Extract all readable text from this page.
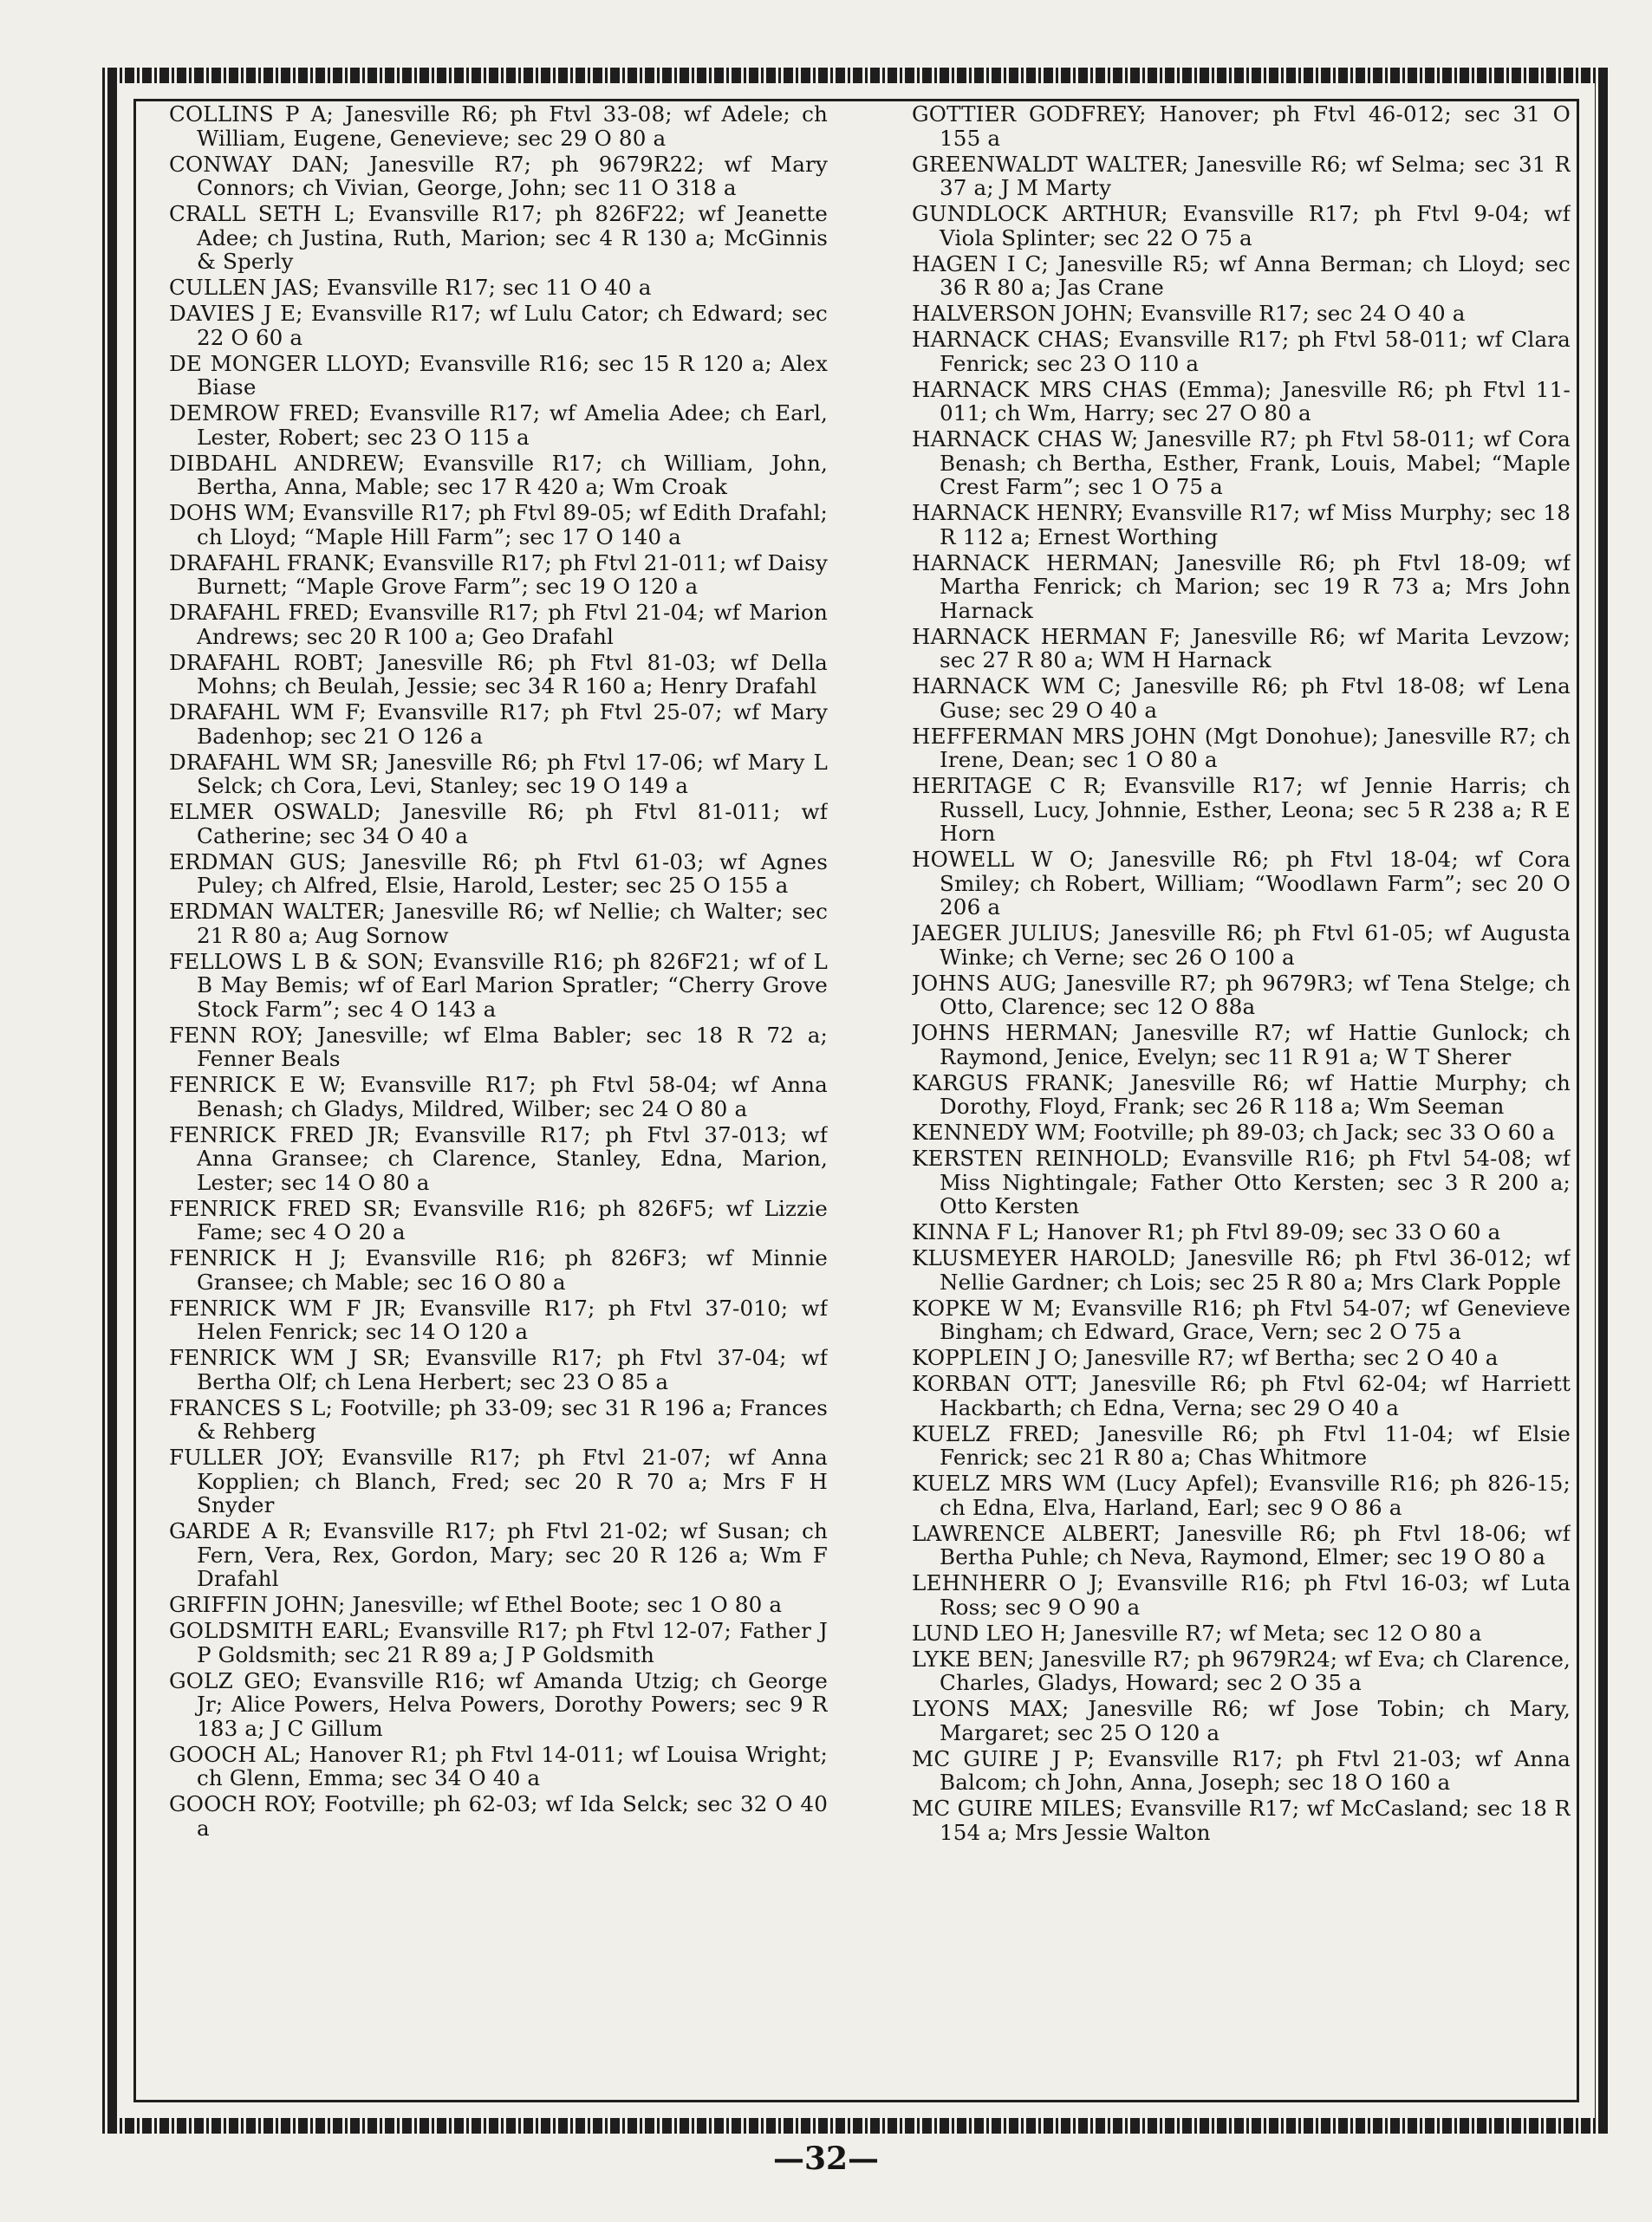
COLLINS P A; Janesville R6; ph Ftvl 33-08; wf Adele; ch William, Eugene, Genevieve; sec 29 O 80 a

CONWAY DAN; Janesville R7; ph 9679R22; wf Mary Connors; ch Vivian, George, John; sec 11 O 318 a

CRALL SETH L; Evansville R17; ph 826F22; wf Jeanette Adee; ch Justina, Ruth, Marion; sec 4 R 130 a; McGinnis & Sperly

CULLEN JAS; Evansville R17; sec 11 O 40 a

DAVIES J E; Evansville R17; wf Lulu Cator; ch Edward; sec 22 O 60 a

DE MONGER LLOYD; Evansville R16; sec 15 R 120 a; Alex Biase

DEMROW FRED; Evansville R17; wf Amelia Adee; ch Earl, Lester, Robert; sec 23 O 115 a

DIBDAHL ANDREW; Evansville R17; ch William, John, Bertha, Anna, Mable; sec 17 R 420 a; Wm Croak

DOHS WM; Evansville R17; ph Ftvl 89-05; wf Edith Drafahl; ch Lloyd; “Maple Hill Farm”; sec 17 O 140 a

DRAFAHL FRANK; Evansville R17; ph Ftvl 21-011; wf Daisy Burnett; “Maple Grove Farm”; sec 19 O 120 a

DRAFAHL FRED; Evansville R17; ph Ftvl 21-04; wf Marion Andrews; sec 20 R 100 a; Geo Drafahl

DRAFAHL ROBT; Janesville R6; ph Ftvl 81-03; wf Della Mohns; ch Beulah, Jessie; sec 34 R 160 a; Henry Drafahl

DRAFAHL WM F; Evansville R17; ph Ftvl 25-07; wf Mary Badenhop; sec 21 O 126 a

DRAFAHL WM SR; Janesville R6; ph Ftvl 17-06; wf Mary L Selck; ch Cora, Levi, Stanley; sec 19 O 149 a

ELMER OSWALD; Janesville R6; ph Ftvl 81-011; wf Catherine; sec 34 O 40 a

ERDMAN GUS; Janesville R6; ph Ftvl 61-03; wf Agnes Puley; ch Alfred, Elsie, Harold, Lester; sec 25 O 155 a

ERDMAN WALTER; Janesville R6; wf Nellie; ch Walter; sec 21 R 80 a; Aug Sornow

FELLOWS L B & SON; Evansville R16; ph 826F21; wf of L B May Bemis; wf of Earl Marion Spratler; “Cherry Grove Stock Farm”; sec 4 O 143 a

FENN ROY; Janesville; wf Elma Babler; sec 18 R 72 a; Fenner Beals

FENRICK E W; Evansville R17; ph Ftvl 58-04; wf Anna Benash; ch Gladys, Mildred, Wilber; sec 24 O 80 a

FENRICK FRED JR; Evansville R17; ph Ftvl 37-013; wf Anna Gransee; ch Clarence, Stanley, Edna, Marion, Lester; sec 14 O 80 a

FENRICK FRED SR; Evansville R16; ph 826F5; wf Lizzie Fame; sec 4 O 20 a

FENRICK H J; Evansville R16; ph 826F3; wf Minnie Gransee; ch Mable; sec 16 O 80 a

FENRICK WM F JR; Evansville R17; ph Ftvl 37-010; wf Helen Fenrick; sec 14 O 120 a

FENRICK WM J SR; Evansville R17; ph Ftvl 37-04; wf Bertha Olf; ch Lena Herbert; sec 23 O 85 a

FRANCES S L; Footville; ph 33-09; sec 31 R 196 a; Frances & Rehberg

FULLER JOY; Evansville R17; ph Ftvl 21-07; wf Anna Kopplien; ch Blanch, Fred; sec 20 R 70 a; Mrs F H Snyder

GARDE A R; Evansville R17; ph Ftvl 21-02; wf Susan; ch Fern, Vera, Rex, Gordon, Mary; sec 20 R 126 a; Wm F Drafahl

GRIFFIN JOHN; Janesville; wf Ethel Boote; sec 1 O 80 a

GOLDSMITH EARL; Evansville R17; ph Ftvl 12-07; Father J P Goldsmith; sec 21 R 89 a; J P Goldsmith

GOLZ GEO; Evansville R16; wf Amanda Utzig; ch George Jr; Alice Powers, Helva Powers, Dorothy Powers; sec 9 R 183 a; J C Gillum

GOOCH AL; Hanover R1; ph Ftvl 14-011; wf Louisa Wright; ch Glenn, Emma; sec 34 O 40 a

GOOCH ROY; Footville; ph 62-03; wf Ida Selck; sec 32 O 40 a

GOTTIER GODFREY; Hanover; ph Ftvl 46-012; sec 31 O 155 a

GREENWALDT WALTER; Janesville R6; wf Selma; sec 31 R 37 a; J M Marty

GUNDLOCK ARTHUR; Evansville R17; ph Ftvl 9-04; wf Viola Splinter; sec 22 O 75 a

HAGEN I C; Janesville R5; wf Anna Berman; ch Lloyd; sec 36 R 80 a; Jas Crane

HALVERSON JOHN; Evansville R17; sec 24 O 40 a

HARNACK CHAS; Evansville R17; ph Ftvl 58-011; wf Clara Fenrick; sec 23 O 110 a

HARNACK MRS CHAS (Emma); Janesville R6; ph Ftvl 11-011; ch Wm, Harry; sec 27 O 80 a

HARNACK CHAS W; Janesville R7; ph Ftvl 58-011; wf Cora Benash; ch Bertha, Esther, Frank, Louis, Mabel; “Maple Crest Farm”; sec 1 O 75 a

HARNACK HENRY; Evansville R17; wf Miss Murphy; sec 18 R 112 a; Ernest Worthing

HARNACK HERMAN; Janesville R6; ph Ftvl 18-09; wf Martha Fenrick; ch Marion; sec 19 R 73 a; Mrs John Harnack

HARNACK HERMAN F; Janesville R6; wf Marita Levzow; sec 27 R 80 a; WM H Harnack

HARNACK WM C; Janesville R6; ph Ftvl 18-08; wf Lena Guse; sec 29 O 40 a

HEFFERMAN MRS JOHN (Mgt Donohue); Janesville R7; ch Irene, Dean; sec 1 O 80 a

HERITAGE C R; Evansville R17; wf Jennie Harris; ch Russell, Lucy, Johnnie, Esther, Leona; sec 5 R 238 a; R E Horn

HOWELL W O; Janesville R6; ph Ftvl 18-04; wf Cora Smiley; ch Robert, William; “Woodlawn Farm”; sec 20 O 206 a

JAEGER JULIUS; Janesville R6; ph Ftvl 61-05; wf Augusta Winke; ch Verne; sec 26 O 100 a

JOHNS AUG; Janesville R7; ph 9679R3; wf Tena Stelge; ch Otto, Clarence; sec 12 O 88a

JOHNS HERMAN; Janesville R7; wf Hattie Gunlock; ch Raymond, Jenice, Evelyn; sec 11 R 91 a; W T Sherer

KARGUS FRANK; Janesville R6; wf Hattie Murphy; ch Dorothy, Floyd, Frank; sec 26 R 118 a; Wm Seeman

KENNEDY WM; Footville; ph 89-03; ch Jack; sec 33 O 60 a

KERSTEN REINHOLD; Evansville R16; ph Ftvl 54-08; wf Miss Nightingale; Father Otto Kersten; sec 3 R 200 a; Otto Kersten

KINNA F L; Hanover R1; ph Ftvl 89-09; sec 33 O 60 a

KLUSMEYER HAROLD; Janesville R6; ph Ftvl 36-012; wf Nellie Gardner; ch Lois; sec 25 R 80 a; Mrs Clark Popple

KOPKE W M; Evansville R16; ph Ftvl 54-07; wf Genevieve Bingham; ch Edward, Grace, Vern; sec 2 O 75 a

KOPPLEIN J O; Janesville R7; wf Bertha; sec 2 O 40 a

KORBAN OTT; Janesville R6; ph Ftvl 62-04; wf Harriett Hackbarth; ch Edna, Verna; sec 29 O 40 a

KUELZ FRED; Janesville R6; ph Ftvl 11-04; wf Elsie Fenrick; sec 21 R 80 a; Chas Whitmore

KUELZ MRS WM (Lucy Apfel); Evansville R16; ph 826-15; ch Edna, Elva, Harland, Earl; sec 9 O 86 a

LAWRENCE ALBERT; Janesville R6; ph Ftvl 18-06; wf Bertha Puhle; ch Neva, Raymond, Elmer; sec 19 O 80 a

LEHNHERR O J; Evansville R16; ph Ftvl 16-03; wf Luta Ross; sec 9 O 90 a

LUND LEO H; Janesville R7; wf Meta; sec 12 O 80 a

LYKE BEN; Janesville R7; ph 9679R24; wf Eva; ch Clarence, Charles, Gladys, Howard; sec 2 O 35 a

LYONS MAX; Janesville R6; wf Jose Tobin; ch Mary, Margaret; sec 25 O 120 a

MC GUIRE J P; Evansville R17; ph Ftvl 21-03; wf Anna Balcom; ch John, Anna, Joseph; sec 18 O 160 a

MC GUIRE MILES; Evansville R17; wf McCasland; sec 18 R 154 a; Mrs Jessie Walton

—32—
